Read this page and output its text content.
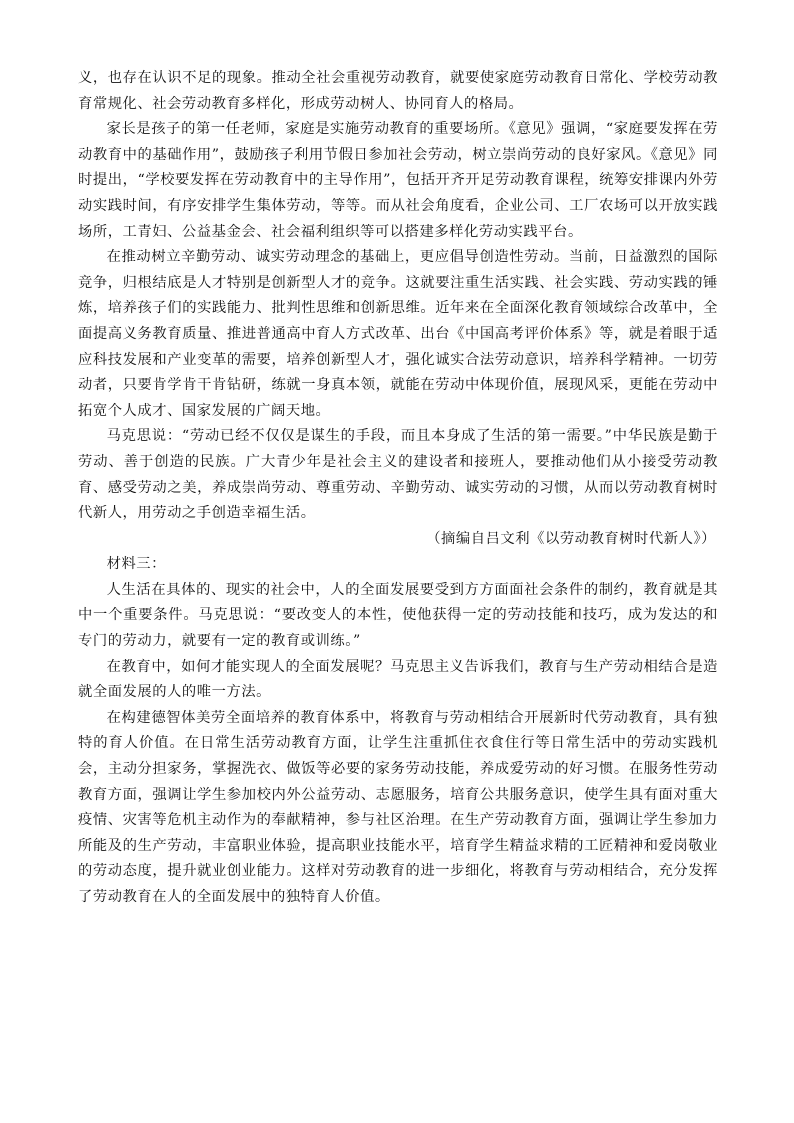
义，也存在认识不足的现象。推动全社会重视劳动教育，就要使家庭劳动教育日常化、学校劳动教育常规化、社会劳动教育多样化，形成劳动树人、协同育人的格局。

家长是孩子的第一任老师，家庭是实施劳动教育的重要场所。《意见》强调，“家庭要发挥在劳动教育中的基础作用”，鼓励孩子利用节假日参加社会劳动，树立崇尚劳动的良好家风。《意见》同时提出，“学校要发挥在劳动教育中的主导作用”，包括开齐开足劳动教育课程，统筹安排课内外劳动实践时间，有序安排学生集体劳动，等等。而从社会角度看，企业公司、工厂农场可以开放实践场所，工青妇、公益基金会、社会福利组织等可以搭建多样化劳动实践平台。

在推动树立辛勤劳动、诚实劳动理念的基础上，更应倡导创造性劳动。当前，日益激烈的国际竞争，归根结底是人才特别是创新型人才的竞争。这就要注重生活实践、社会实践、劳动实践的锤炼，培养孩子们的实践能力、批判性思维和创新思维。近年来在全面深化教育领域综合改革中，全面提高义务教育质量、推进普通高中育人方式改革、出台《中国高考评价体系》等，就是着眼于适应科技发展和产业变革的需要，培养创新型人才，强化诚实合法劳动意识，培养科学精神。一切劳动者，只要肯学肯干肯钻研，练就一身真本领，就能在劳动中体现价值，展现风采，更能在劳动中拓宽个人成才、国家发展的广阔天地。

马克思说：“劳动已经不仅仅是谋生的手段，而且本身成了生活的第一需要。”中华民族是勤于劳动、善于创造的民族。广大青少年是社会主义的建设者和接班人，要推动他们从小接受劳动教育、感受劳动之美，养成崇尚劳动、尊重劳动、辛勤劳动、诚实劳动的习惯，从而以劳动教育树时代新人，用劳动之手创造幸福生活。

（摘编自吕文利《以劳动教育树时代新人》）

材料三：

人生活在具体的、现实的社会中，人的全面发展要受到方方面面社会条件的制约，教育就是其中一个重要条件。马克思说：“要改变人的本性，使他获得一定的劳动技能和技巧，成为发达的和专门的劳动力，就要有一定的教育或训练。”

在教育中，如何才能实现人的全面发展呢？马克思主义告诉我们，教育与生产劳动相结合是造就全面发展的人的唯一方法。

在构建德智体美劳全面培养的教育体系中，将教育与劳动相结合开展新时代劳动教育，具有独特的育人价值。在日常生活劳动教育方面，让学生注重抓住衣食住行等日常生活中的劳动实践机会，主动分担家务，掌握洗衣、做饭等必要的家务劳动技能，养成爱劳动的好习惯。在服务性劳动教育方面，强调让学生参加校内外公益劳动、志愿服务，培育公共服务意识，使学生具有面对重大疫情、灾害等危机主动作为的奉献精神，参与社区治理。在生产劳动教育方面，强调让学生参加力所能及的生产劳动，丰富职业体验，提高职业技能水平，培育学生精益求精的工匠精神和爱岗敬业的劳动态度，提升就业创业能力。这样对劳动教育的进一步细化，将教育与劳动相结合，充分发挥了劳动教育在人的全面发展中的独特育人价值。
